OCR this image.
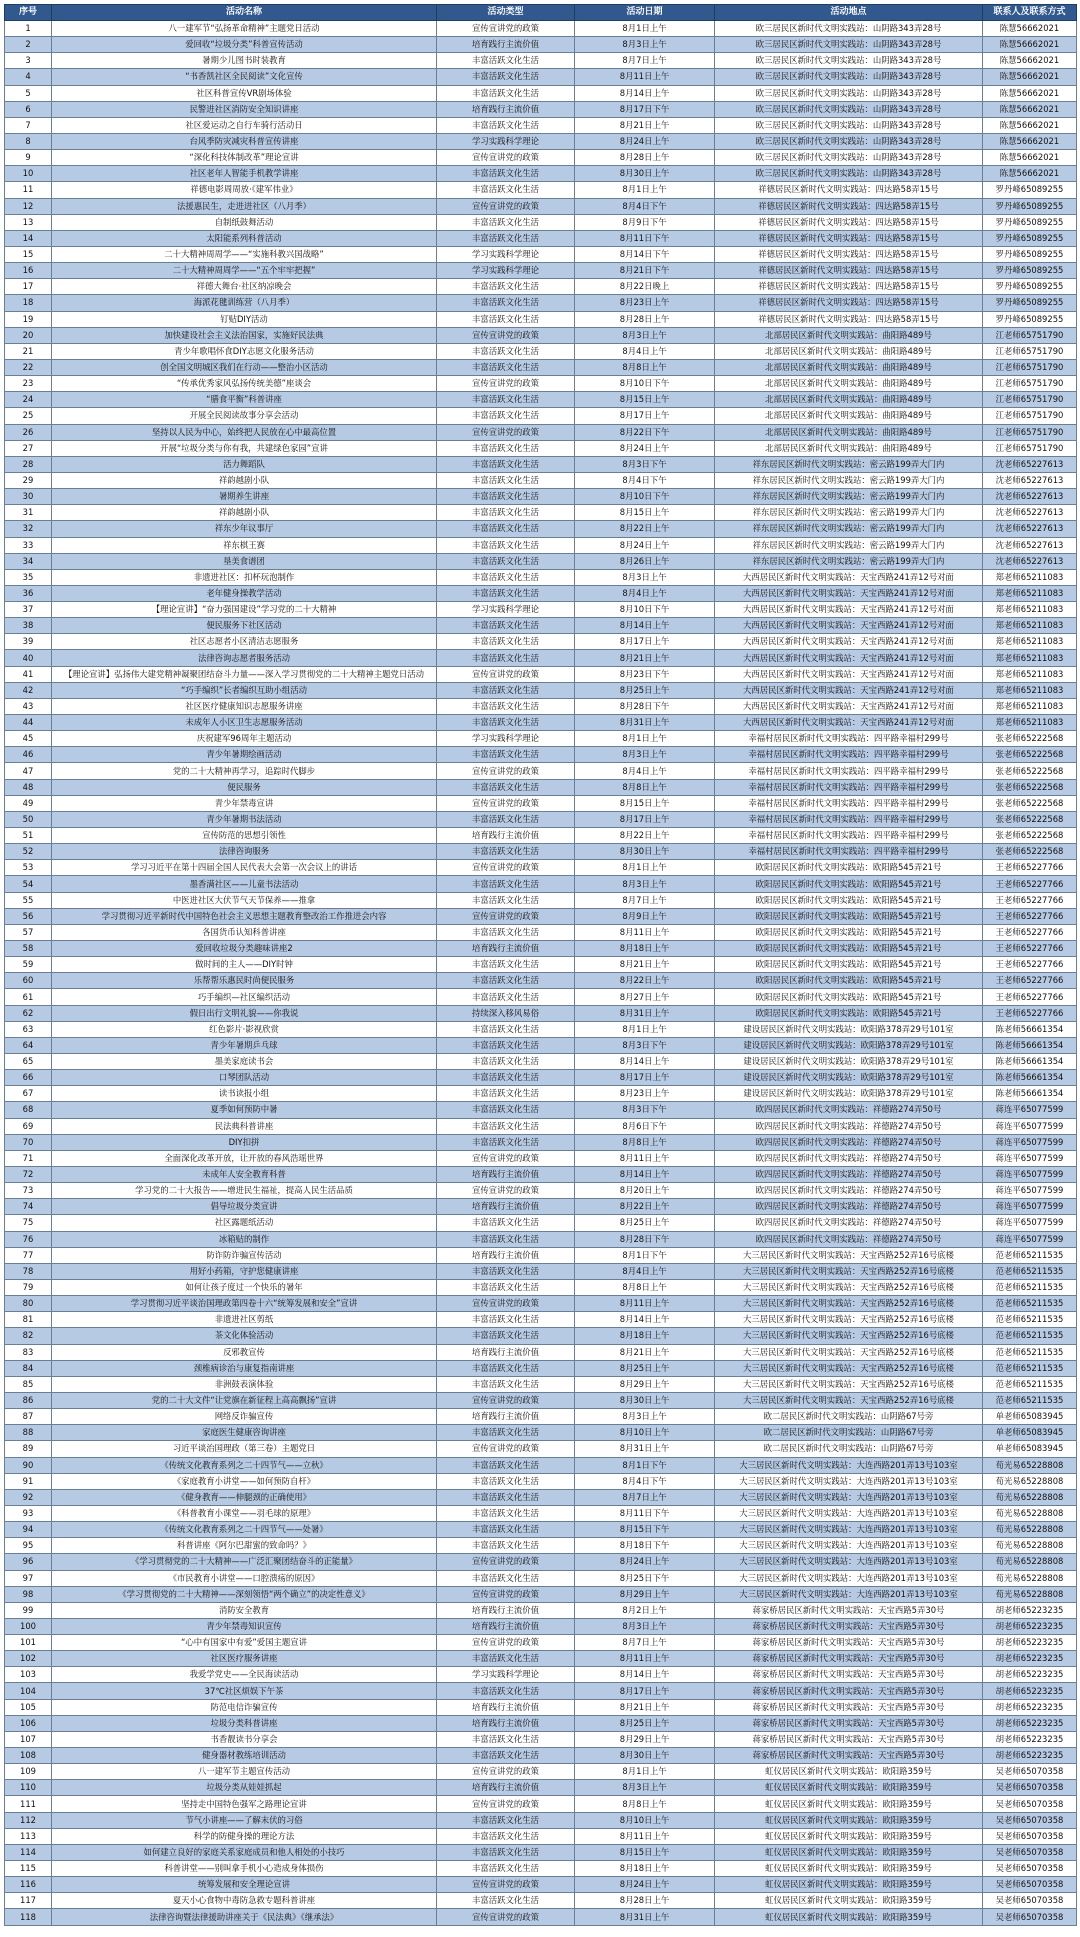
序号	活动名称	活动类型	活动日期	活动地点	联系人及联系方式
1	八一建军节“弘扬革命精神”主题党日活动	宣传宣讲党的政策	8月1日上午	欧三居民区新时代文明实践站：山阴路343弄28号	陈慧56662021
2	爱回收“垃圾分类”科普宣传活动	培育践行主流价值	8月3日上午	欧三居民区新时代文明实践站：山阴路343弄28号	陈慧56662021
3	暑期少儿图书时装教育	丰富活跃文化生活	8月7日上午	欧三居民区新时代文明实践站：山阴路343弄28号	陈慧56662021
4	“书香凯社区全民阅读”文化宣传	丰富活跃文化生活	8月11日上午	欧三居民区新时代文明实践站：山阴路343弄28号	陈慧56662021
5	社区科普宣传VR剧场体验	丰富活跃文化生活	8月14日上午	欧三居民区新时代文明实践站：山阴路343弄28号	陈慧56662021
6	民警进社区消防安全知识讲座	培育践行主流价值	8月17日下午	欧三居民区新时代文明实践站：山阴路343弄28号	陈慧56662021
7	社区爱运动之自行车骑行活动日	丰富活跃文化生活	8月21日上午	欧三居民区新时代文明实践站：山阴路343弄28号	陈慧56662021
8	台风季防灾减灾科普宣传讲座	学习实践科学理论	8月24日上午	欧三居民区新时代文明实践站：山阴路343弄28号	陈慧56662021
9	“深化科技体制改革”理论宣讲	宣传宣讲党的政策	8月28日上午	欧三居民区新时代文明实践站：山阴路343弄28号	陈慧56662021
10	社区老年人智能手机教学讲座	丰富活跃文化生活	8月30日上午	欧三居民区新时代文明实践站：山阴路343弄28号	陈慧56662021
11	祥德电影周周放·《建军伟业》	丰富活跃文化生活	8月1日上午	祥德居民区新时代文明实践站：四达路58弄15号	罗丹峰65089255
12	法援惠民生，走进进社区（八月季）	宣传宣讲党的政策	8月4日下午	祥德居民区新时代文明实践站：四达路58弄15号	罗丹峰65089255
13	自制纸鼓舞活动	丰富活跃文化生活	8月9日下午	祥德居民区新时代文明实践站：四达路58弄15号	罗丹峰65089255
14	太阳能系列科普活动	丰富活跃文化生活	8月11日下午	祥德居民区新时代文明实践站：四达路58弄15号	罗丹峰65089255
15	二十大精神周周学——“实施科教兴国战略”	学习实践科学理论	8月14日下午	祥德居民区新时代文明实践站：四达路58弄15号	罗丹峰65089255
16	二十大精神周周学——“五个牢牢把握”	学习实践科学理论	8月21日下午	祥德居民区新时代文明实践站：四达路58弄15号	罗丹峰65089255
17	祥德大舞台·社区纳凉晚会	丰富活跃文化生活	8月22日晚上	祥德居民区新时代文明实践站：四达路58弄15号	罗丹峰65089255
18	海派花毽训练营（八月季）	丰富活跃文化生活	8月23日上午	祥德居民区新时代文明实践站：四达路58弄15号	罗丹峰65089255
19	钉贴DIY活动	丰富活跃文化生活	8月28日上午	祥德居民区新时代文明实践站：四达路58弄15号	罗丹峰65089255
20	加快建设社会主义法治国家，实施好民法典	宣传宣讲党的政策	8月3日上午	北部居民区新时代文明实践站：曲阳路489号	江老师65751790
21	青少年歌唱怀食DIY志愿文化服务活动	丰富活跃文化生活	8月4日上午	北部居民区新时代文明实践站：曲阳路489号	江老师65751790
22	创全国文明城区我们在行动——整治小区活动	丰富活跃文化生活	8月8日上午	北部居民区新时代文明实践站：曲阳路489号	江老师65751790
23	“传承优秀家风弘扬传统美德”座谈会	宣传宣讲党的政策	8月10日下午	北部居民区新时代文明实践站：曲阳路489号	江老师65751790
24	“膳食平衡”科普讲座	丰富活跃文化生活	8月15日上午	北部居民区新时代文明实践站：曲阳路489号	江老师65751790
25	开展全民阅读故事分享会活动	丰富活跃文化生活	8月17日上午	北部居民区新时代文明实践站：曲阳路489号	江老师65751790
26	坚持以人民为中心，始终把人民放在心中最高位置	宣传宣讲党的政策	8月22日下午	北部居民区新时代文明实践站：曲阳路489号	江老师65751790
27	开展“垃圾分类与你有我，共建绿色家园”宣讲	丰富活跃文化生活	8月24日上午	北部居民区新时代文明实践站：曲阳路489号	江老师65751790
28	活力舞蹈队	丰富活跃文化生活	8月3日下午	祥东居民区新时代文明实践站：密云路199弄大门内	沈老师65227613
29	祥韵越剧小队	丰富活跃文化生活	8月4日下午	祥东居民区新时代文明实践站：密云路199弄大门内	沈老师65227613
30	暑期养生讲座	丰富活跃文化生活	8月10日下午	祥东居民区新时代文明实践站：密云路199弄大门内	沈老师65227613
31	祥韵越剧小队	丰富活跃文化生活	8月15日上午	祥东居民区新时代文明实践站：密云路199弄大门内	沈老师65227613
32	祥东少年议事厅	丰富活跃文化生活	8月22日上午	祥东居民区新时代文明实践站：密云路199弄大门内	沈老师65227613
33	祥东棋王赛	丰富活跃文化生活	8月24日上午	祥东居民区新时代文明实践站：密云路199弄大门内	沈老师65227613
34	垦美食谱团	丰富活跃文化生活	8月26日上午	祥东居民区新时代文明实践站：密云路199弄大门内	沈老师65227613
35	非遗进社区：扣杯玩泡制作	丰富活跃文化生活	8月3日上午	大西居民区新时代文明实践站：天宝西路241弄12号对面	郑老师65211083
36	老年健身操教学活动	丰富活跃文化生活	8月4日上午	大西居民区新时代文明实践站：天宝西路241弄12号对面	郑老师65211083
37	【理论宣讲】“奋力强国建设”学习党的二十大精神	学习实践科学理论	8月10日下午	大西居民区新时代文明实践站：天宝西路241弄12号对面	郑老师65211083
38	便民服务下社区活动	丰富活跃文化生活	8月14日上午	大西居民区新时代文明实践站：天宝西路241弄12号对面	郑老师65211083
39	社区志愿者小区清洁志愿服务	丰富活跃文化生活	8月17日上午	大西居民区新时代文明实践站：天宝西路241弄12号对面	郑老师65211083
40	法律咨询志愿者服务活动	丰富活跃文化生活	8月21日上午	大西居民区新时代文明实践站：天宝西路241弄12号对面	郑老师65211083
41	【理论宣讲】弘扬伟大建党精神凝聚团结奋斗力量——深入学习贯彻党的二十大精神主题党日活动	宣传宣讲党的政策	8月23日下午	大西居民区新时代文明实践站：天宝西路241弄12号对面	郑老师65211083
42	“巧手编织”长者编织互助小组活动	丰富活跃文化生活	8月25日上午	大西居民区新时代文明实践站：天宝西路241弄12号对面	郑老师65211083
43	社区医疗健康知识志愿服务讲座	丰富活跃文化生活	8月28日下午	大西居民区新时代文明实践站：天宝西路241弄12号对面	郑老师65211083
44	未成年人小区卫生志愿服务活动	丰富活跃文化生活	8月31日上午	大西居民区新时代文明实践站：天宝西路241弄12号对面	郑老师65211083
45	庆祝建军96周年主题活动	学习实践科学理论	8月1日上午	幸福村居民区新时代文明实践站：四平路幸福村299号	张老师65222568
46	青少年暑期绘画活动	丰富活跃文化生活	8月3日上午	幸福村居民区新时代文明实践站：四平路幸福村299号	张老师65222568
47	党的二十大精神再学习，追踪时代脚步	宣传宣讲党的政策	8月4日上午	幸福村居民区新时代文明实践站：四平路幸福村299号	张老师65222568
48	便民服务	丰富活跃文化生活	8月8日上午	幸福村居民区新时代文明实践站：四平路幸福村299号	张老师65222568
49	青少年禁毒宣讲	宣传宣讲党的政策	8月15日上午	幸福村居民区新时代文明实践站：四平路幸福村299号	张老师65222568
50	青少年暑期书法活动	丰富活跃文化生活	8月17日上午	幸福村居民区新时代文明实践站：四平路幸福村299号	张老师65222568
51	宣传防范的思想引领性	培育践行主流价值	8月22日上午	幸福村居民区新时代文明实践站：四平路幸福村299号	张老师65222568
52	法律咨询服务	丰富活跃文化生活	8月30日上午	幸福村居民区新时代文明实践站：四平路幸福村299号	张老师65222568
53	学习习近平在第十四届全国人民代表大会第一次会议上的讲话	宣传宣讲党的政策	8月1日上午	欧阳居民区新时代文明实践站：欧阳路545弄21号	王老师65227766
54	墨香满社区——儿童书法活动	丰富活跃文化生活	8月3日上午	欧阳居民区新时代文明实践站：欧阳路545弄21号	王老师65227766
55	中医进社区大伏节气天节保养——推拿	丰富活跃文化生活	8月7日上午	欧阳居民区新时代文明实践站：欧阳路545弄21号	王老师65227766
56	学习贯彻习近平新时代中国特色社会主义思想主题教育整改治工作推进会内容	宣传宣讲党的政策	8月9日上午	欧阳居民区新时代文明实践站：欧阳路545弄21号	王老师65227766
57	各国货币认知科普讲座	丰富活跃文化生活	8月11日上午	欧阳居民区新时代文明实践站：欧阳路545弄21号	王老师65227766
58	爱回收垃圾分类趣味讲座2	培育践行主流价值	8月18日上午	欧阳居民区新时代文明实践站：欧阳路545弄21号	王老师65227766
59	做时间的主人——DIY时钟	丰富活跃文化生活	8月21日上午	欧阳居民区新时代文明实践站：欧阳路545弄21号	王老师65227766
60	乐帮帮乐惠民时尚便民服务	丰富活跃文化生活	8月22日上午	欧阳居民区新时代文明实践站：欧阳路545弄21号	王老师65227766
61	巧手编织—社区编织活动	丰富活跃文化生活	8月27日上午	欧阳居民区新时代文明实践站：欧阳路545弄21号	王老师65227766
62	假日出行文明礼貌——你我说	持续深入移风易俗	8月31日上午	欧阳居民区新时代文明实践站：欧阳路545弄21号	王老师65227766
63	红色影片·影视欣赏	丰富活跃文化生活	8月1日上午	建设居民区新时代文明实践站：欧阳路378弄29号101室	陈老师56661354
64	青少年暑期乒乓球	丰富活跃文化生活	8月3日下午	建设居民区新时代文明实践站：欧阳路378弄29号101室	陈老师56661354
65	墨美家庭读书会	丰富活跃文化生活	8月14日上午	建设居民区新时代文明实践站：欧阳路378弄29号101室	陈老师56661354
66	口琴团队活动	丰富活跃文化生活	8月17日上午	建设居民区新时代文明实践站：欧阳路378弄29号101室	陈老师56661354
67	读书读报小组	丰富活跃文化生活	8月23日上午	建设居民区新时代文明实践站：欧阳路378弄29号101室	陈老师56661354
68	夏季如何预防中暑	丰富活跃文化生活	8月3日下午	欧四居民区新时代文明实践站：祥德路274弄50号	蒋连平65077599
69	民法典科普讲座	丰富活跃文化生活	8月6日下午	欧四居民区新时代文明实践站：祥德路274弄50号	蒋连平65077599
70	DIY扣拼	丰富活跃文化生活	8月8日上午	欧四居民区新时代文明实践站：祥德路274弄50号	蒋连平65077599
71	全面深化改革开放，让开放的春风浩瑶世界	宣传宣讲党的政策	8月11日上午	欧四居民区新时代文明实践站：祥德路274弄50号	蒋连平65077599
72	未成年人安全教育科普	培育践行主流价值	8月14日上午	欧四居民区新时代文明实践站：祥德路274弄50号	蒋连平65077599
73	学习党的二十大报告——增进民生福祉，提高人民生活品质	宣传宣讲党的政策	8月20日上午	欧四居民区新时代文明实践站：祥德路274弄50号	蒋连平65077599
74	倡导垃圾分类宣讲	培育践行主流价值	8月22日上午	欧四居民区新时代文明实践站：祥德路274弄50号	蒋连平65077599
75	社区露题纸活动	丰富活跃文化生活	8月25日上午	欧四居民区新时代文明实践站：祥德路274弄50号	蒋连平65077599
76	冰箱贴的制作	丰富活跃文化生活	8月28日下午	欧四居民区新时代文明实践站：祥德路274弄50号	蒋连平65077599
77	防诈防诈骗宣传活动	培育践行主流价值	8月1日下午	大三居民区新时代文明实践站：天宝西路252弄16号底楼	范老师65211535
78	用好小药箱，守护您健康讲座	丰富活跃文化生活	8月4日上午	大三居民区新时代文明实践站：天宝西路252弄16号底楼	范老师65211535
79	如何让孩子度过一个快乐的暑年	丰富活跃文化生活	8月8日上午	大三居民区新时代文明实践站：天宝西路252弄16号底楼	范老师65211535
80	学习贯彻习近平谈治国理政第四卷十六“统筹发展和安全”宣讲	宣传宣讲党的政策	8月11日上午	大三居民区新时代文明实践站：天宝西路252弄16号底楼	范老师65211535
81	非遗进社区剪纸	丰富活跃文化生活	8月14日上午	大三居民区新时代文明实践站：天宝西路252弄16号底楼	范老师65211535
82	茶文化体验活动	丰富活跃文化生活	8月18日上午	大三居民区新时代文明实践站：天宝西路252弄16号底楼	范老师65211535
83	反邪教宣传	培育践行主流价值	8月21日上午	大三居民区新时代文明实践站：天宝西路252弄16号底楼	范老师65211535
84	颈椎病诊治与康复指南讲座	丰富活跃文化生活	8月25日上午	大三居民区新时代文明实践站：天宝西路252弄16号底楼	范老师65211535
85	非洲鼓表演体验	丰富活跃文化生活	8月29日上午	大三居民区新时代文明实践站：天宝西路252弄16号底楼	范老师65211535
86	党的二十大文件“让党旗在新征程上高高飘扬”宣讲	宣传宣讲党的政策	8月30日上午	大三居民区新时代文明实践站：天宝西路252弄16号底楼	范老师65211535
87	网络反诈骗宣传	培育践行主流价值	8月3日上午	欧二居民区新时代文明实践站：山阴路67号旁	单老师65083945
88	家庭医生健康咨询讲座	丰富活跃文化生活	8月10日上午	欧二居民区新时代文明实践站：山阴路67号旁	单老师65083945
89	习近平谈治国理政（第三卷）主题党日	宣传宣讲党的政策	8月31日上午	欧二居民区新时代文明实践站：山阴路67号旁	单老师65083945
90	《传统文化教育系列之二十四节气——立秋》	丰富活跃文化生活	8月1日下午	大三居民区新时代文明实践站：大连西路201弄13号103室	荀光易65228808
91	《家庭教育小讲堂——如何预防自杆》	丰富活跃文化生活	8月4日下午	大三居民区新时代文明实践站：大连西路201弄13号103室	荀光易65228808
92	《健身教育——伸腿颈的正确使用》	丰富活跃文化生活	8月7日上午	大三居民区新时代文明实践站：大连西路201弄13号103室	荀光易65228808
93	《科普教育小课堂——羽毛球的原理》	丰富活跃文化生活	8月11日下午	大三居民区新时代文明实践站：大连西路201弄13号103室	荀光易65228808
94	《传统文化教育系列之二十四节气——处暑》	丰富活跃文化生活	8月15日下午	大三居民区新时代文明实践站：大连西路201弄13号103室	荀光易65228808
95	科普讲座《阿尔巴甜蜜的致命吗？》	丰富活跃文化生活	8月18日下午	大三居民区新时代文明实践站：大连西路201弄13号103室	荀光易65228808
96	《学习贯彻党的二十大精神——广泛汇聚团结奋斗的正能量》	宣传宣讲党的政策	8月24日上午	大三居民区新时代文明实践站：大连西路201弄13号103室	荀光易65228808
97	《市民教育小讲堂——口腔溃疡的原因》	丰富活跃文化生活	8月25日下午	大三居民区新时代文明实践站：大连西路201弄13号103室	荀光易65228808
98	《学习贯彻党的二十大精神——深刻领悟“两个确立”的决定性意义》	宣传宣讲党的政策	8月29日上午	大三居民区新时代文明实践站：大连西路201弄13号103室	荀光易65228808
99	消防安全教育	培育践行主流价值	8月2日上午	蒋家桥居民区新时代文明实践站：天宝西路5弄30号	胡老师65223235
100	青少年禁毒知识宣传	培育践行主流价值	8月3日上午	蒋家桥居民区新时代文明实践站：天宝西路5弄30号	胡老师65223235
101	“心中有国家中有爱”爱国主题宣讲	宣传宣讲党的政策	8月7日上午	蒋家桥居民区新时代文明实践站：天宝西路5弄30号	胡老师65223235
102	社区医疗服务讲座	丰富活跃文化生活	8月11日上午	蒋家桥居民区新时代文明实践站：天宝西路5弄30号	胡老师65223235
103	我爱学党史——全民海读活动	学习实践科学理论	8月14日上午	蒋家桥居民区新时代文明实践站：天宝西路5弄30号	胡老师65223235
104	37℃社区烦娱下午茶	丰富活跃文化生活	8月17日上午	蒋家桥居民区新时代文明实践站：天宝西路5弄30号	胡老师65223235
105	防范电信诈骗宣传	培育践行主流价值	8月21日上午	蒋家桥居民区新时代文明实践站：天宝西路5弄30号	胡老师65223235
106	垃圾分类科普讲座	培育践行主流价值	8月25日上午	蒋家桥居民区新时代文明实践站：天宝西路5弄30号	胡老师65223235
107	书香靓读书分享会	丰富活跃文化生活	8月29日上午	蒋家桥居民区新时代文明实践站：天宝西路5弄30号	胡老师65223235
108	健身器材教练培训活动	丰富活跃文化生活	8月30日上午	蒋家桥居民区新时代文明实践站：天宝西路5弄30号	胡老师65223235
109	八一建军节主题宣传活动	宣传宣讲党的政策	8月1日上午	虹仪居民区新时代文明实践站：欧阳路359号	吴老师65070358
110	垃圾分类从娃娃抓起	培育践行主流价值	8月3日上午	虹仪居民区新时代文明实践站：欧阳路359号	吴老师65070358
111	坚持走中国特色强军之路理论宣讲	宣传宣讲党的政策	8月8日上午	虹仪居民区新时代文明实践站：欧阳路359号	吴老师65070358
112	节气小讲座——了解末伏的习俗	丰富活跃文化生活	8月10日上午	虹仪居民区新时代文明实践站：欧阳路359号	吴老师65070358
113	科学的防健身操的理论方法	丰富活跃文化生活	8月11日上午	虹仪居民区新时代文明实践站：欧阳路359号	吴老师65070358
114	如何建立良好的家庭关系家庭成员和他人相处的小技巧	丰富活跃文化生活	8月15日上午	虹仪居民区新时代文明实践站：欧阳路359号	吴老师65070358
115	科普讲堂——别叫拿手机小心造成身体损伤	丰富活跃文化生活	8月18日上午	虹仪居民区新时代文明实践站：欧阳路359号	吴老师65070358
116	统筹发展和安全理论宣讲	宣传宣讲党的政策	8月24日上午	虹仪居民区新时代文明实践站：欧阳路359号	吴老师65070358
117	夏天小心食物中毒防急救专题科普讲座	丰富活跃文化生活	8月28日上午	虹仪居民区新时代文明实践站：欧阳路359号	吴老师65070358
118	法律咨询暨法律援助讲座关于《民法典》《继承法》	宣传宣讲党的政策	8月31日上午	虹仪居民区新时代文明实践站：欧阳路359号	吴老师65070358
